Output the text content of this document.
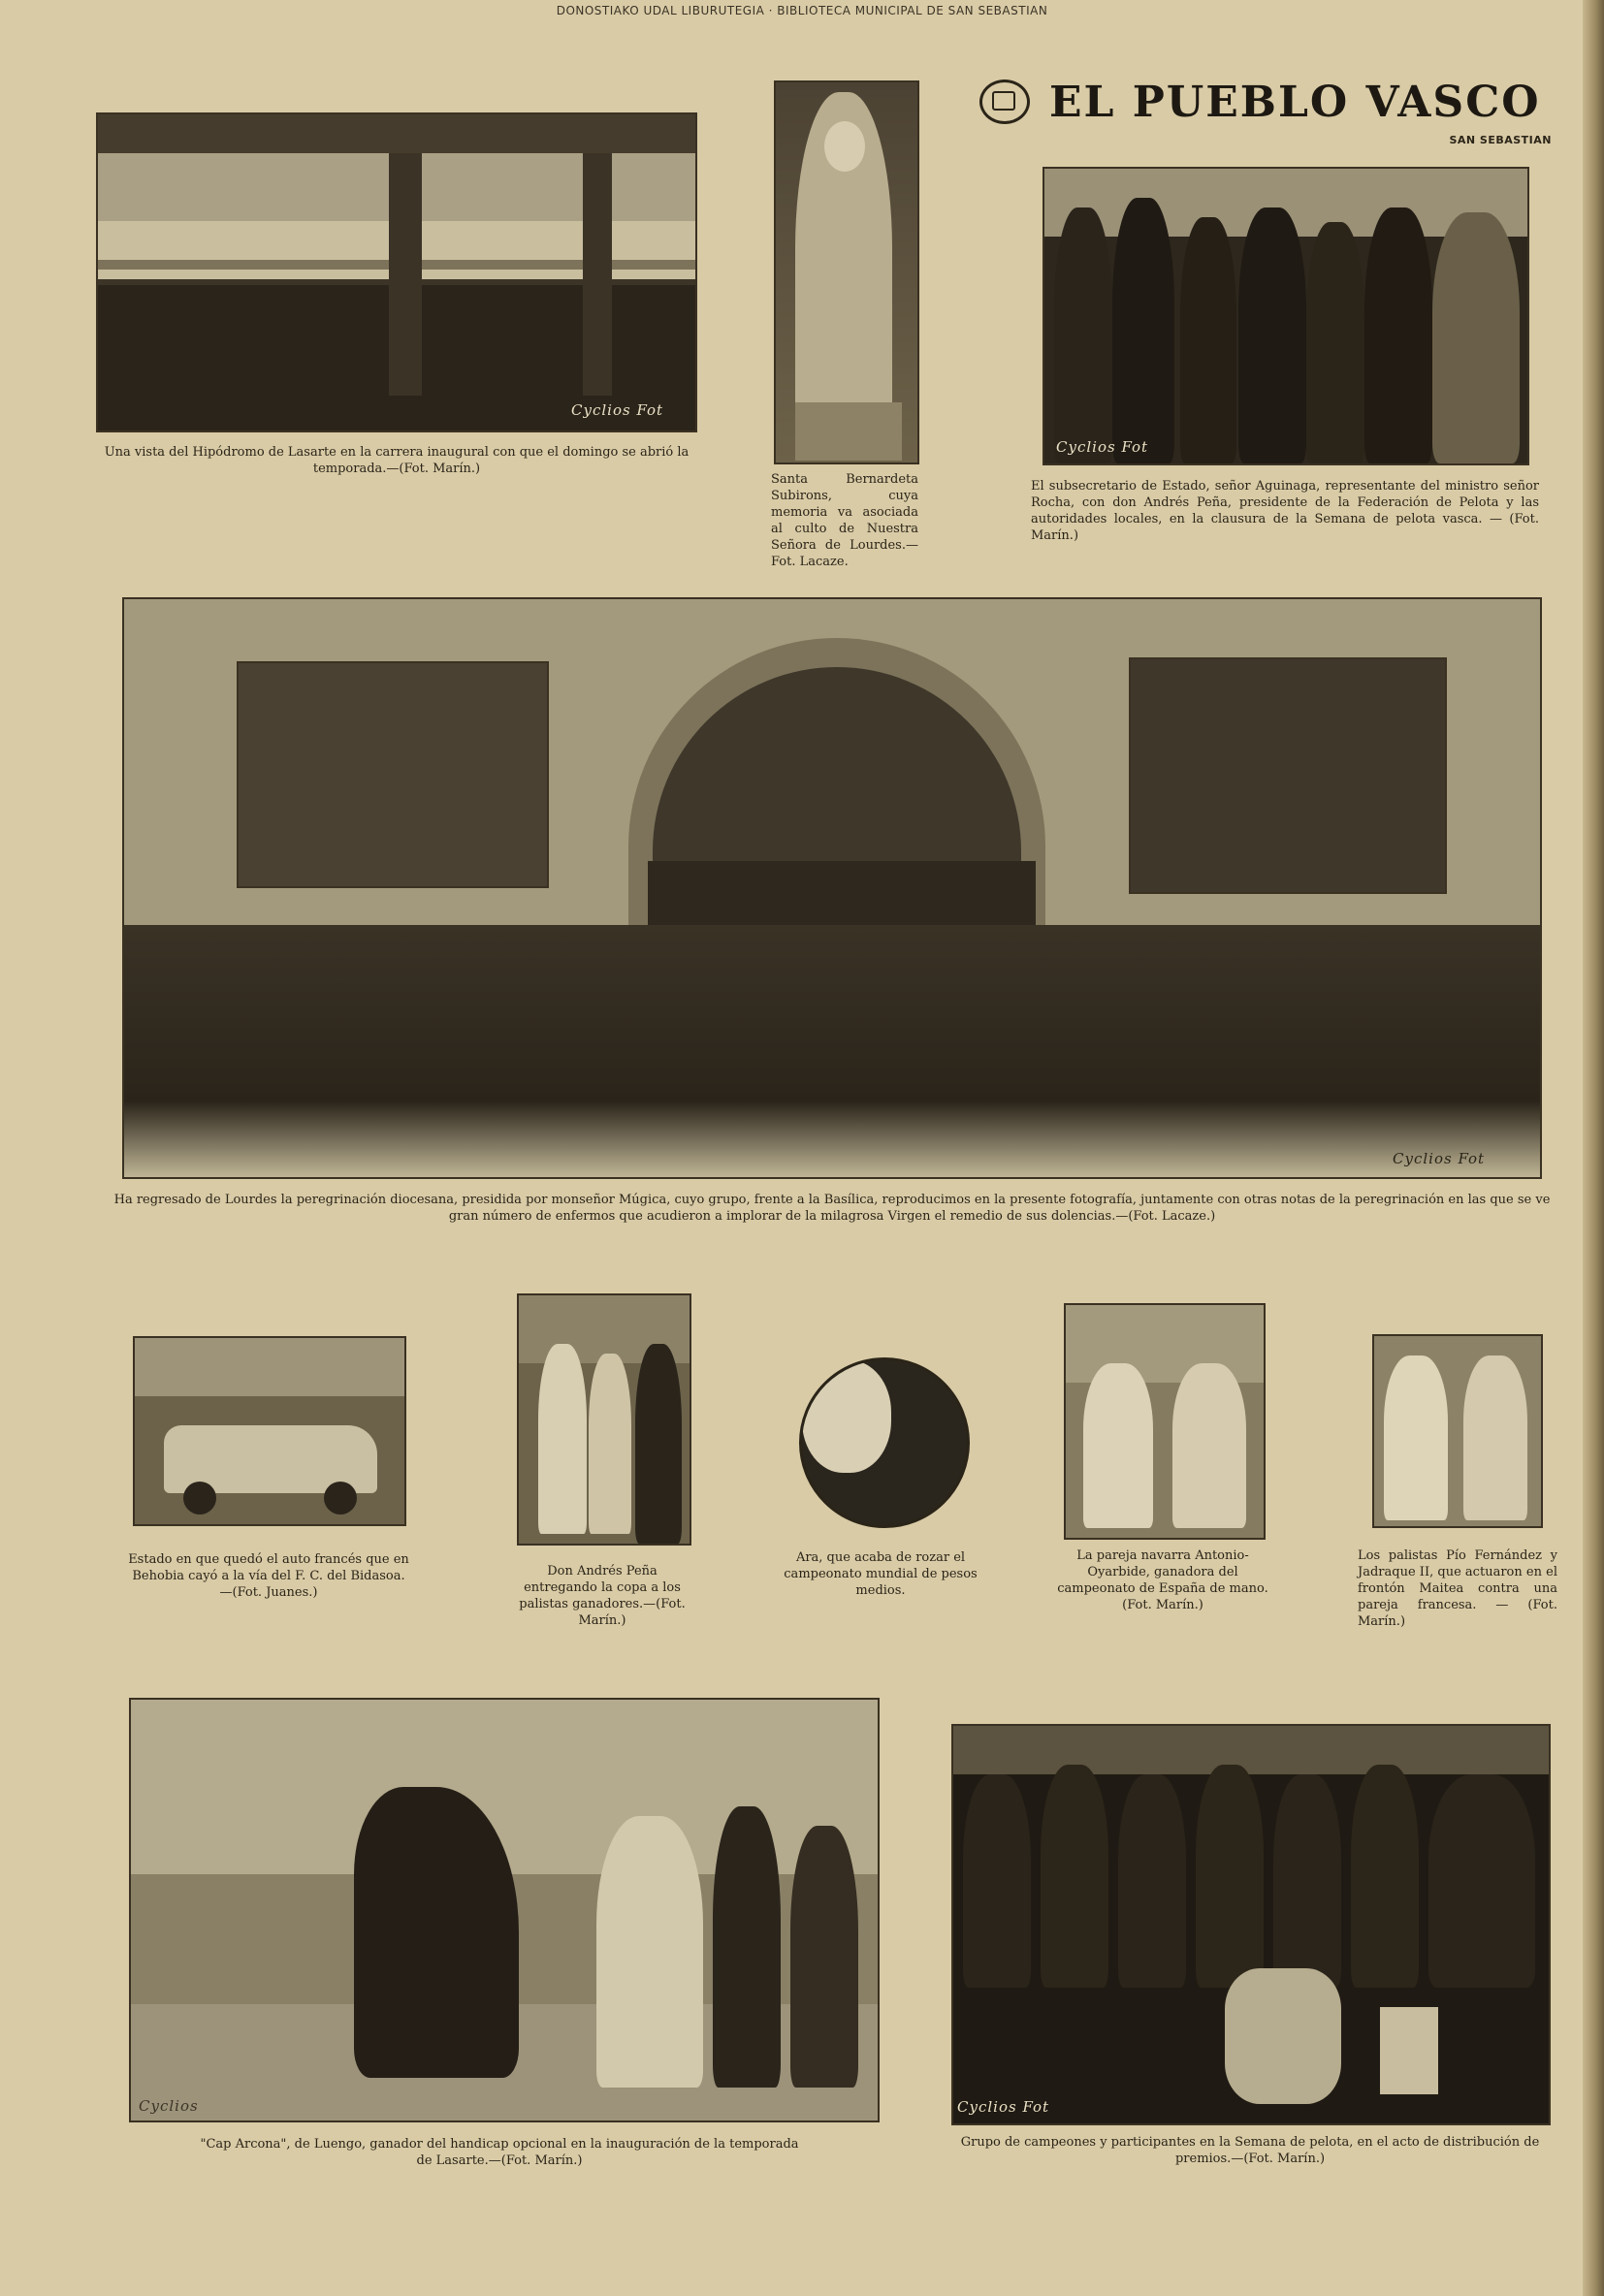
DONOSTIAKO UDAL LIBURUTEGIA · BIBLIOTECA MUNICIPAL DE SAN SEBASTIAN
EL PUEBLO VASCO
SAN SEBASTIAN
Cyclios Fot
Una vista del Hipódromo de Lasarte en la carrera inaugural con que el domingo se abrió la temporada.—(Fot. Marín.)
Santa Bernardeta Subirons, cuya memoria va asociada al culto de Nuestra Señora de Lourdes.—Fot. Lacaze.
Cyclios Fot
El subsecretario de Estado, señor Aguinaga, representante del ministro señor Rocha, con don Andrés Peña, presidente de la Federación de Pelota y las autoridades locales, en la clausura de la Semana de pelota vasca. — (Fot. Marín.)
Cyclios Fot
Ha regresado de Lourdes la peregrinación diocesana, presidida por monseñor Múgica, cuyo grupo, frente a la Basílica, reproducimos en la presente fotografía, juntamente con otras notas de la peregrinación en las que se ve gran número de enfermos que acudieron a implorar de la milagrosa Virgen el remedio de sus dolencias.—(Fot. Lacaze.)
Estado en que quedó el auto francés que en Behobia cayó a la vía del F. C. del Bidasoa.—(Fot. Juanes.)
Don Andrés Peña entregando la copa a los palistas ganadores.—(Fot. Marín.)
Ara, que acaba de rozar el campeonato mundial de pesos medios.
La pareja navarra Antonio-Oyarbide, ganadora del campeonato de España de mano. (Fot. Marín.)
Los palistas Pío Fernández y Jadraque II, que actuaron en el frontón Maitea contra una pareja francesa. — (Fot. Marín.)
Cyclios
"Cap Arcona", de Luengo, ganador del handicap opcional en la inauguración de la temporada de Lasarte.—(Fot. Marín.)
Cyclios Fot
Grupo de campeones y participantes en la Semana de pelota, en el acto de distribución de premios.—(Fot. Marín.)
